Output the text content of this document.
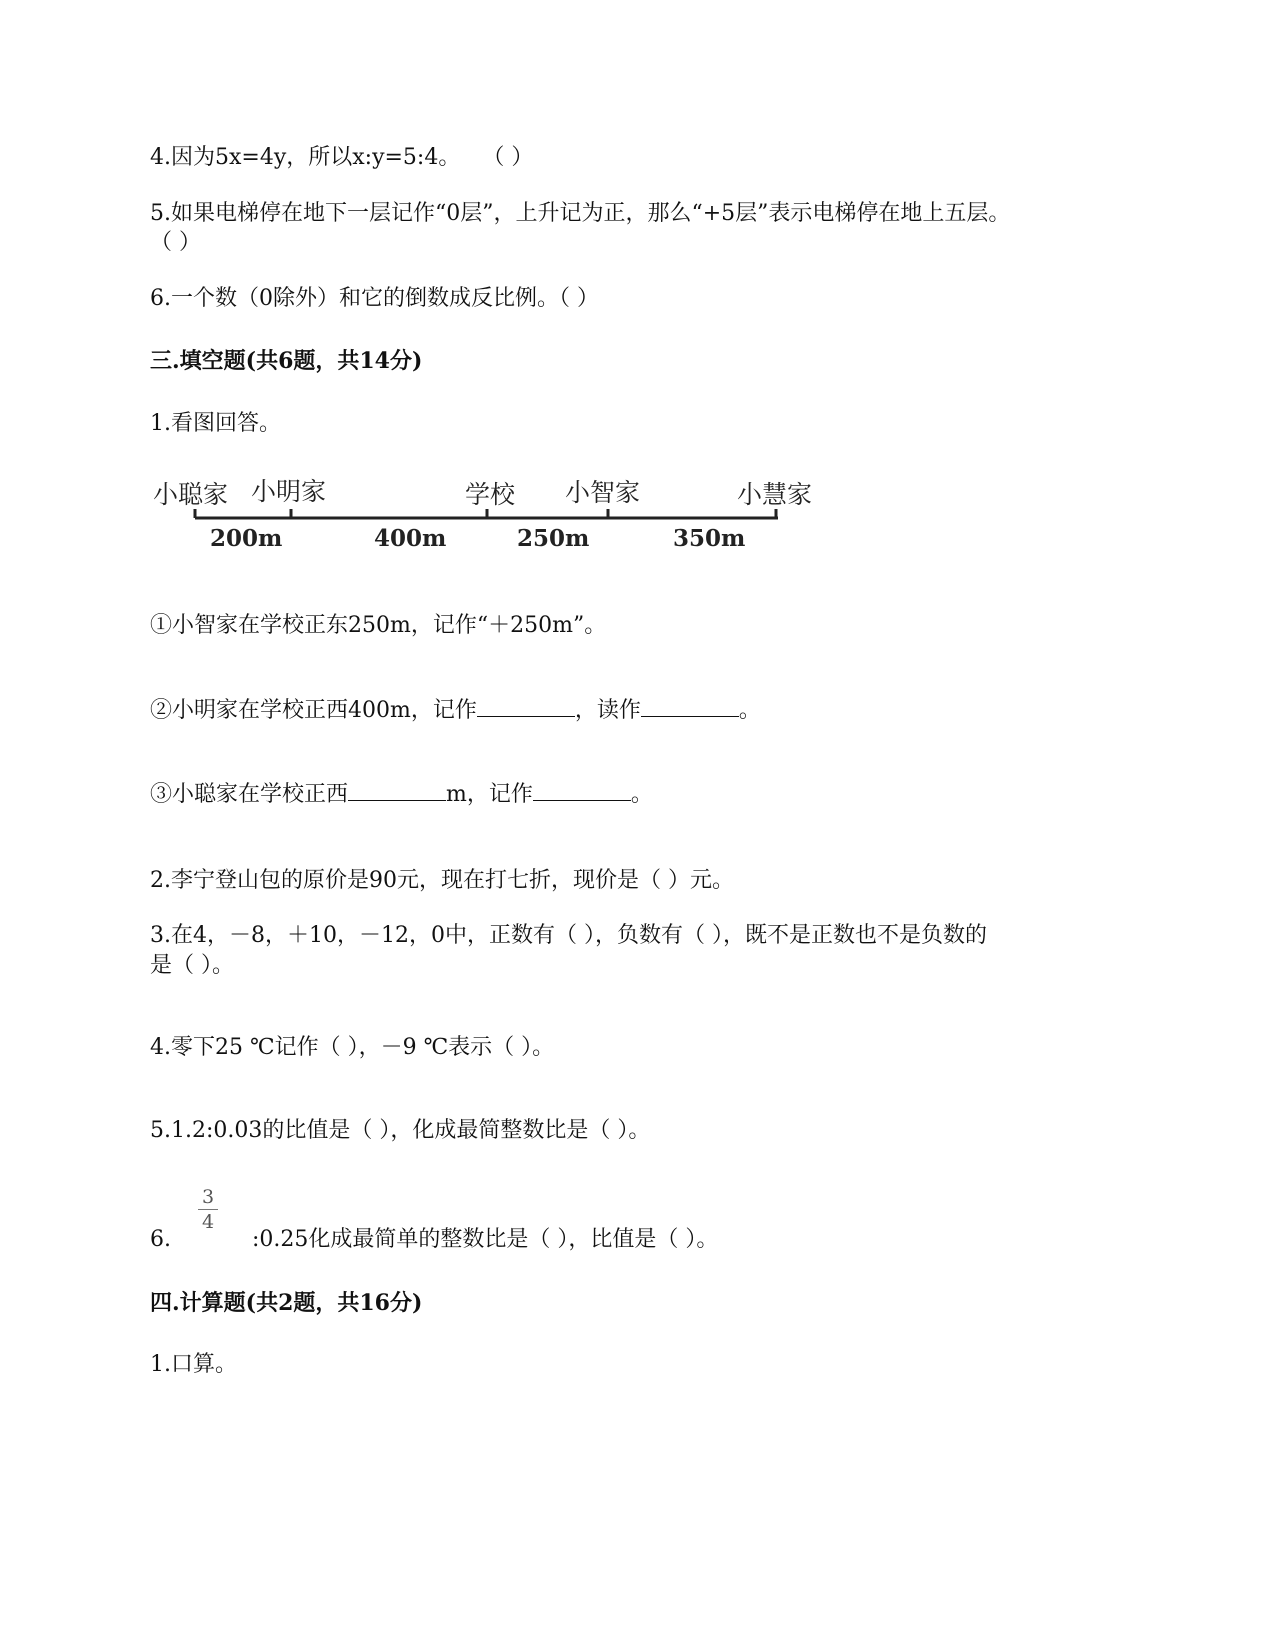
4.因为5x=4y，所以x:y=5:4。　　（ ）
5.如果电梯停在地下一层记作“0层”，上升记为正，那么“+5层”表示电梯停在地上五层。
（ ）
6.一个数（0除外）和它的倒数成反比例。（ ）
三.填空题(共6题，共14分)
1.看图回答。
小聪家 小明家	学校 小智家	小慧家
200m	400m	250m	350m
①小智家在学校正东250m，记作“＋250m”。
②小明家在学校正西400m，记作	，读作	。
③小聪家在学校正西	m，记作	。
2.李宁登山包的原价是90元，现在打七折，现价是（ ）元。
3.在4，－8，＋10，－12，0中，正数有（ ），负数有（ ），既不是正数也不是负数的
是（ ）。
4.零下25 ℃记作（ ），－9 ℃表示（ ）。
5.1.2:0.03的比值是（ ），化成最简整数比是（ ）。
3
4
6.	:0.25化成最简单的整数比是（ ），比值是（ ）。
四.计算题(共2题，共16分)
1.口算。
